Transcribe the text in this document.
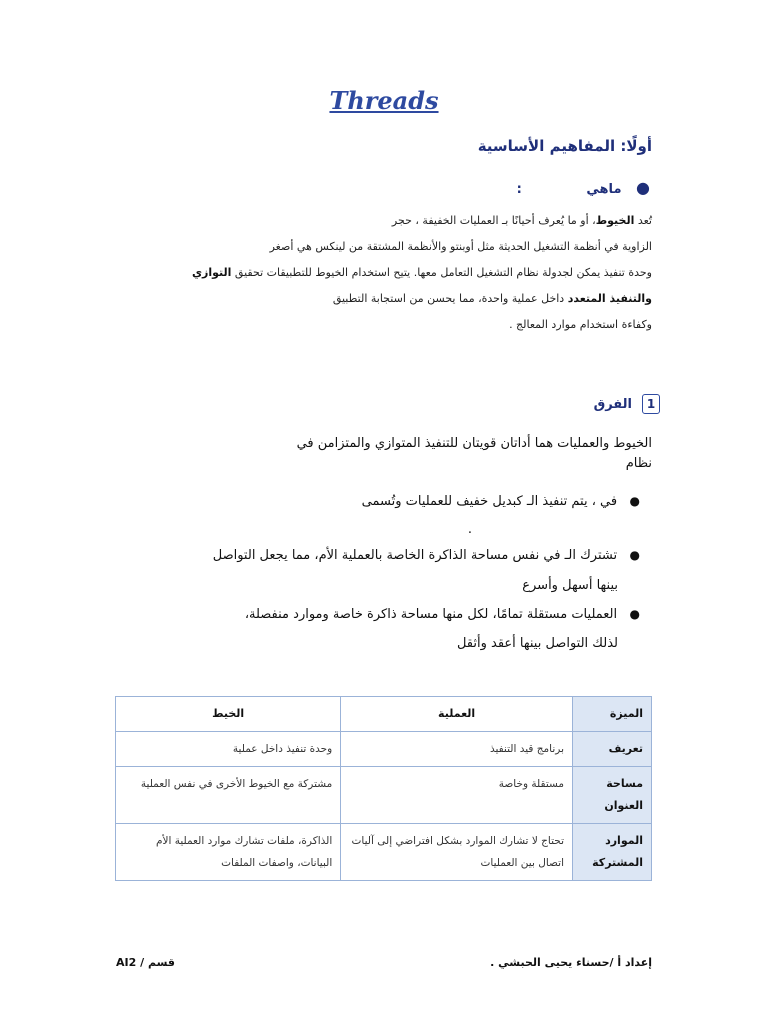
Threads
أولًا: المفاهيم الأساسية
● ماهي :
تُعد الخيوط، أو ما يُعرف أحيانًا بـ العمليات الخفيفة ، حجر
الزاوية في أنظمة التشغيل الحديثة مثل أوبنتو والأنظمة المشتقة من لينكس هي أصغر
وحدة تنفيذ يمكن لجدولة نظام التشغيل التعامل معها. يتيح استخدام الخيوط للتطبيقات تحقيق التوازي
والتنفيذ المتعدد داخل عملية واحدة، مما يحسن من استجابة التطبيق
وكفاءة استخدام موارد المعالج .
1
الفرق
الخيوط والعمليات هما أداتان قويتان للتنفيذ المتوازي والمتزامن في
نظام
●   في ، يتم تنفيذ الـ كبديل خفيف للعمليات وتُسمى
.
●   تشترك الـ في نفس مساحة الذاكرة الخاصة بالعملية الأم، مما يجعل التواصل
بينها أسهل وأسرع
●   العمليات مستقلة تمامًا، لكل منها مساحة ذاكرة خاصة وموارد منفصلة،
لذلك التواصل بينها أعقد وأثقل
الميزة	العملية	الخيط
تعريف	برنامج قيد التنفيذ	وحدة تنفيذ داخل عملية
مساحة العنوان	مستقلة وخاصة	مشتركة مع الخيوط الأخرى في نفس العملية
الموارد المشتركة	تحتاج لا تشارك الموارد بشكل افتراضي إلى آليات اتصال بين العمليات	الذاكرة، ملفات تشارك موارد العملية الأم البيانات، واصفات الملفات
إعداد أ /حسناء يحيى الحبشي .
قسم / AI2
